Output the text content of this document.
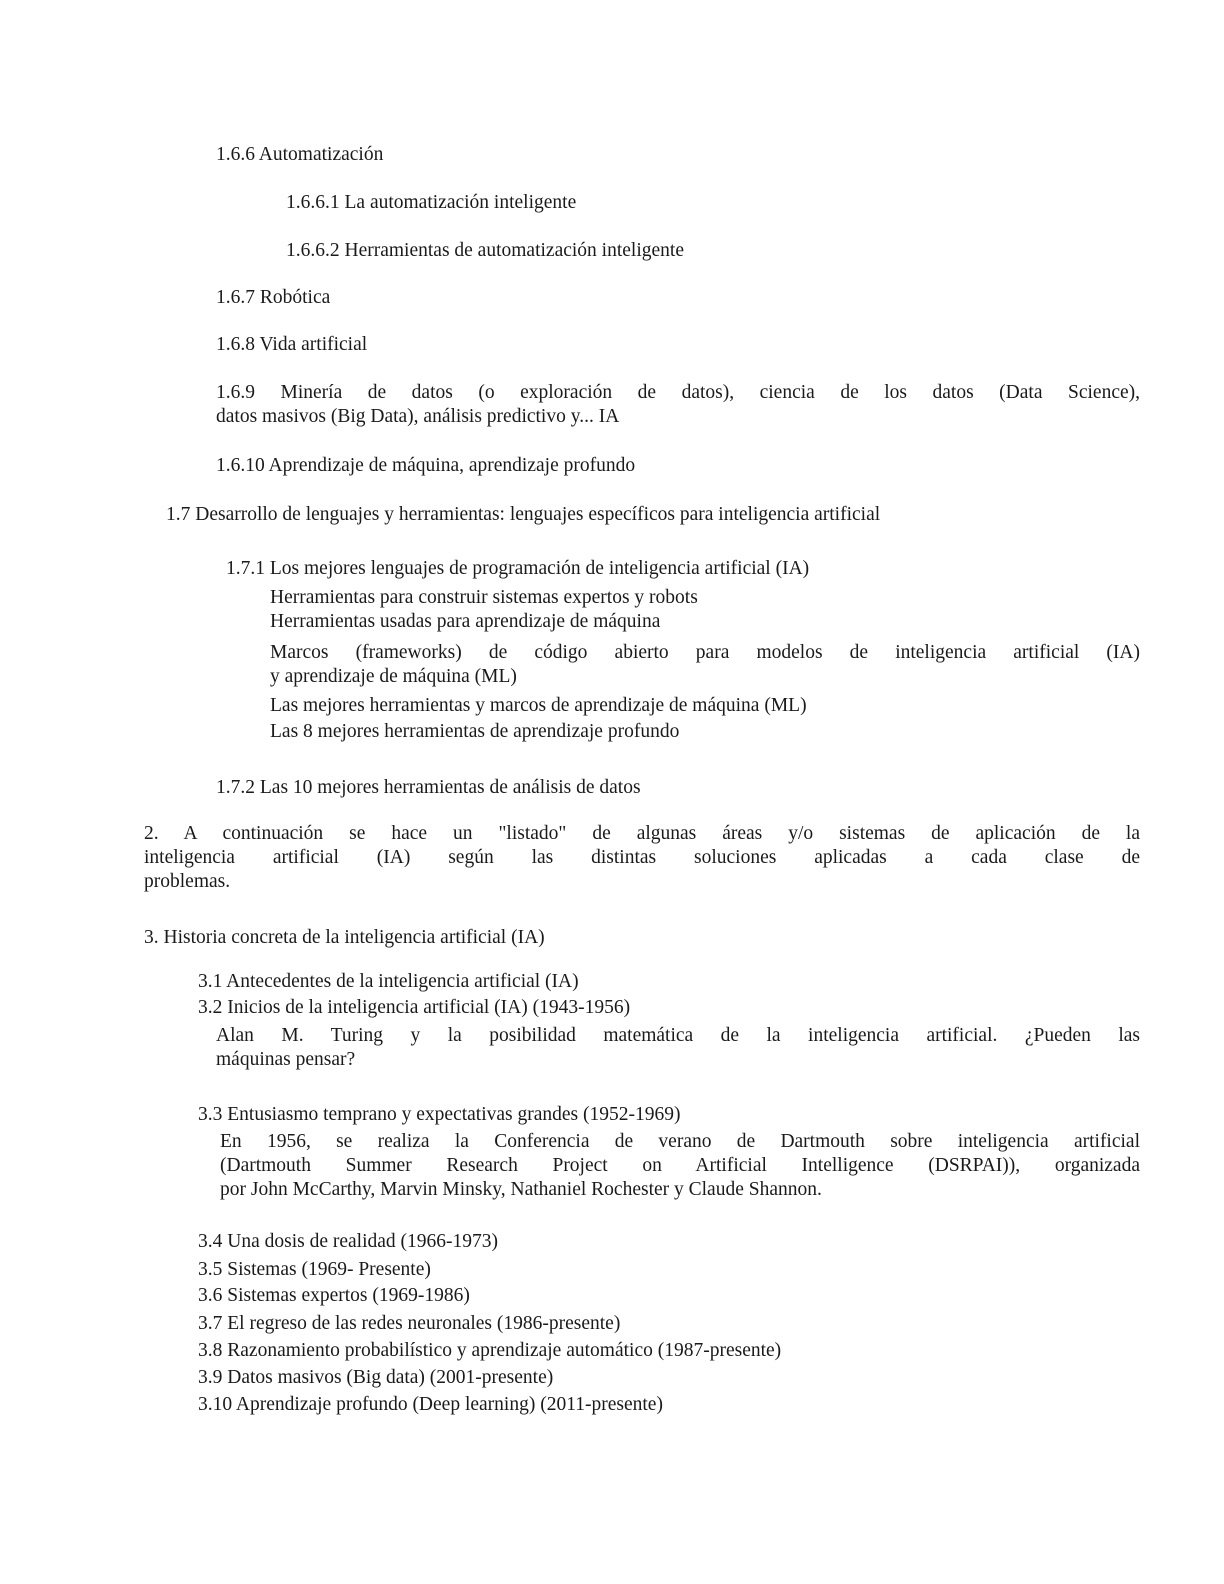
1.6.6 Automatización
1.6.6.1 La automatización inteligente
1.6.6.2 Herramientas de automatización inteligente
1.6.7 Robótica
1.6.8 Vida artificial
1.6.9 Minería de datos (o exploración de datos), ciencia de los datos (Data Science),
datos masivos (Big Data), análisis predictivo y... IA
1.6.10 Aprendizaje de máquina, aprendizaje profundo
1.7 Desarrollo de lenguajes y herramientas: lenguajes específicos para inteligencia artificial
1.7.1 Los mejores lenguajes de programación de inteligencia artificial (IA)
Herramientas para construir sistemas expertos y robots
Herramientas usadas para aprendizaje de máquina
Marcos (frameworks) de código abierto para modelos de inteligencia artificial (IA)
y aprendizaje de máquina (ML)
Las mejores herramientas y marcos de aprendizaje de máquina (ML)
Las 8 mejores herramientas de aprendizaje profundo
1.7.2 Las 10 mejores herramientas de análisis de datos
2. A continuación se hace un "listado" de algunas áreas y/o sistemas de aplicación de la
inteligencia artificial (IA) según las distintas soluciones aplicadas a cada clase de
problemas.
3. Historia concreta de la inteligencia artificial (IA)
3.1 Antecedentes de la inteligencia artificial (IA)
3.2 Inicios de la inteligencia artificial (IA) (1943-1956)
Alan M. Turing y la posibilidad matemática de la inteligencia artificial. ¿Pueden las
máquinas pensar?
3.3 Entusiasmo temprano y expectativas grandes (1952-1969)
En 1956, se realiza la Conferencia de verano de Dartmouth sobre inteligencia artificial
(Dartmouth Summer Research Project on Artificial Intelligence (DSRPAI)), organizada
por John McCarthy, Marvin Minsky, Nathaniel Rochester y Claude Shannon.
3.4 Una dosis de realidad (1966-1973)
3.5 Sistemas (1969- Presente)
3.6 Sistemas expertos (1969-1986)
3.7 El regreso de las redes neuronales (1986-presente)
3.8 Razonamiento probabilístico y aprendizaje automático (1987-presente)
3.9 Datos masivos (Big data) (2001-presente)
3.10 Aprendizaje profundo (Deep learning) (2011-presente)
